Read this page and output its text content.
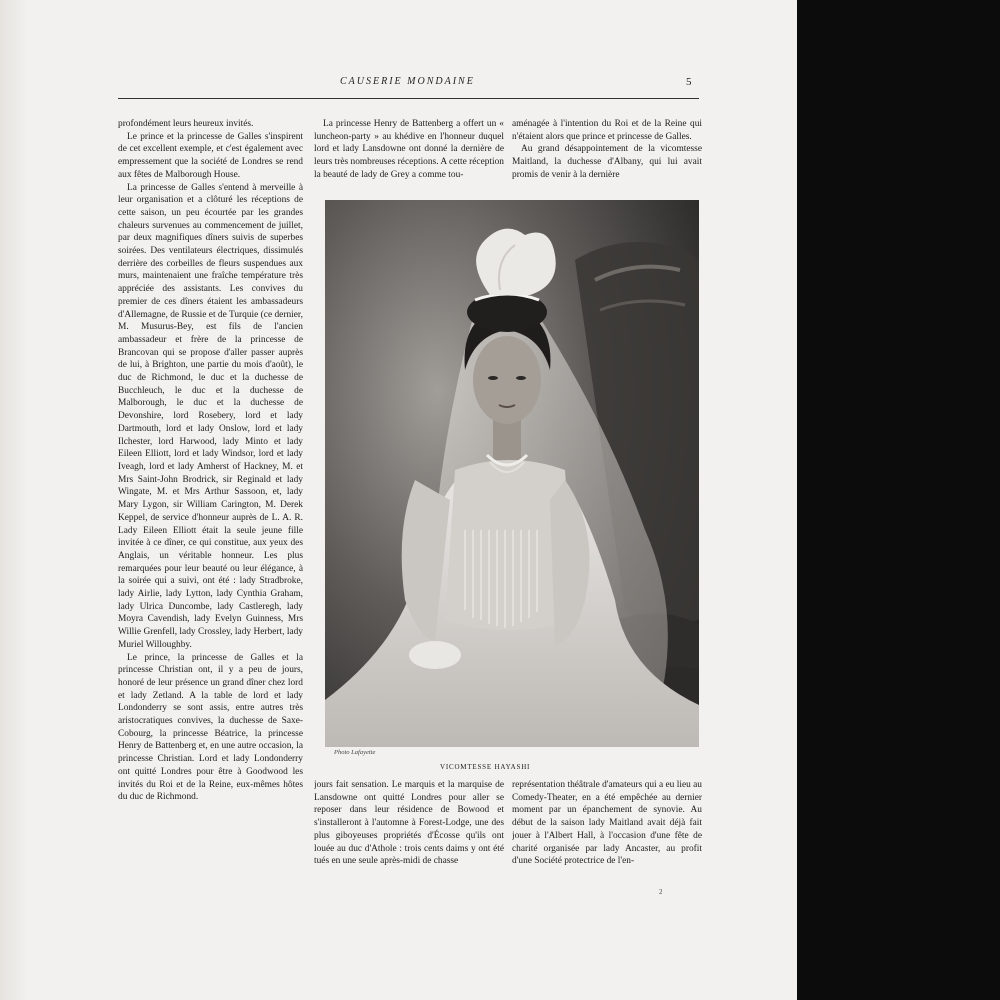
CAUSERIE MONDAINE	5

profondément leurs heureux invités.

Le prince et la princesse de Galles s'inspirent de cet excellent exemple, et c'est également avec empressement que la société de Londres se rend aux fêtes de Malborough House.

La princesse de Galles s'entend à merveille à leur organisation et a clôturé les réceptions de cette saison, un peu écourtée par les grandes chaleurs survenues au commencement de juillet, par deux magnifiques dîners suivis de superbes soirées. Des ventilateurs électriques, dissimulés derrière des corbeilles de fleurs suspendues aux murs, maintenaient une fraîche température très appréciée des assistants. Les convives du premier de ces dîners étaient les ambassadeurs d'Allemagne, de Russie et de Turquie (ce dernier, M. Musurus-Bey, est fils de l'ancien ambassadeur et frère de la princesse de Brancovan qui se propose d'aller passer auprès de lui, à Brighton, une partie du mois d'août), le duc de Richmond, le duc et la duchesse de Bucchleuch, le duc et la duchesse de Malborough, le duc et la duchesse de Devonshire, lord Rosebery, lord et lady Dartmouth, lord et lady Onslow, lord et lady Ilchester, lord Harwood, lady Minto et lady Eileen Elliott, lord et lady Windsor, lord et lady Iveagh, lord et lady Amherst of Hackney, M. et Mrs Saint-John Brodrick, sir Reginald et lady Wingate, M. et Mrs Arthur Sassoon, et, lady Mary Lygon, sir William Carington, M. Derek Keppel, de service d'honneur auprès de L. A. R. Lady Eileen Elliott était la seule jeune fille invitée à ce dîner, ce qui constitue, aux yeux des Anglais, un véritable honneur. Les plus remarquées pour leur beauté ou leur élégance, à la soirée qui a suivi, ont été : lady Stradbroke, lady Airlie, lady Lytton, lady Cynthia Graham, lady Ulrica Duncombe, lady Castleregh, lady Moyra Cavendish, lady Evelyn Guinness, Mrs Willie Grenfell, lady Crossley, lady Herbert, lady Muriel Willoughby.

Le prince, la princesse de Galles et la princesse Christian ont, il y a peu de jours, honoré de leur présence un grand dîner chez lord et lady Zetland. A la table de lord et lady Londonderry se sont assis, entre autres très aristocratiques convives, la duchesse de Saxe-Cobourg, la princesse Béatrice, la princesse Henry de Battenberg et, en une autre occasion, la princesse Christian. Lord et lady Londonderry ont quitté Londres pour être à Goodwood les invités du Roi et de la Reine, eux-mêmes hôtes du duc de Richmond.

La princesse Henry de Battenberg a offert un « luncheon-party » au khédive en l'honneur duquel lord et lady Lansdowne ont donné la dernière de leurs très nombreuses réceptions. A cette réception la beauté de lady de Grey a comme tou-

aménagée à l'intention du Roi et de la Reine qui n'étaient alors que prince et princesse de Galles.

Au grand désappointement de la vicomtesse Maitland, la duchesse d'Albany, qui lui avait promis de venir à la dernière

Photo Lafayette
VICOMTESSE HAYASHI

jours fait sensation. Le marquis et la marquise de Lansdowne ont quitté Londres pour aller se reposer dans leur résidence de Bowood et s'installeront à l'automne à Forest-Lodge, une des plus giboyeuses propriétés d'Écosse qu'ils ont louée au duc d'Athole : trois cents daims y ont été tués en une seule après-midi de chasse

représentation théâtrale d'amateurs qui a eu lieu au Comedy-Theater, en a été empêchée au dernier moment par un épanchement de synovie. Au début de la saison lady Maitland avait déjà fait jouer à l'Albert Hall, à l'occasion d'une fête de charité organisée par lady Ancaster, au profit d'une Société protectrice de l'en-

2
